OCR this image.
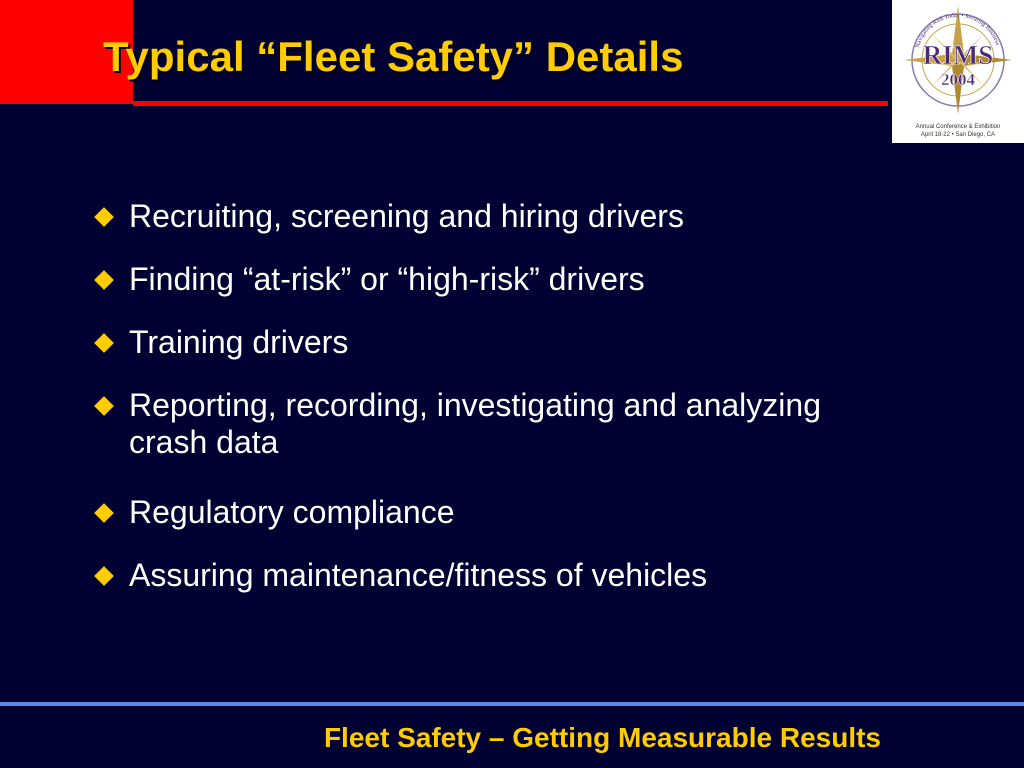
Typical “Fleet Safety” Details	RIMS
2004
Navigating Risk Today • Securing Business
Annual Conference & Exhibition
April 18-22 • San Diego, CA
Recruiting, screening and hiring drivers
Finding “at-risk” or “high-risk” drivers
Training drivers
Reporting, recording, investigating and analyzing crash data
Regulatory compliance
Assuring maintenance/fitness of vehicles

Fleet Safety – Getting Measurable Results
